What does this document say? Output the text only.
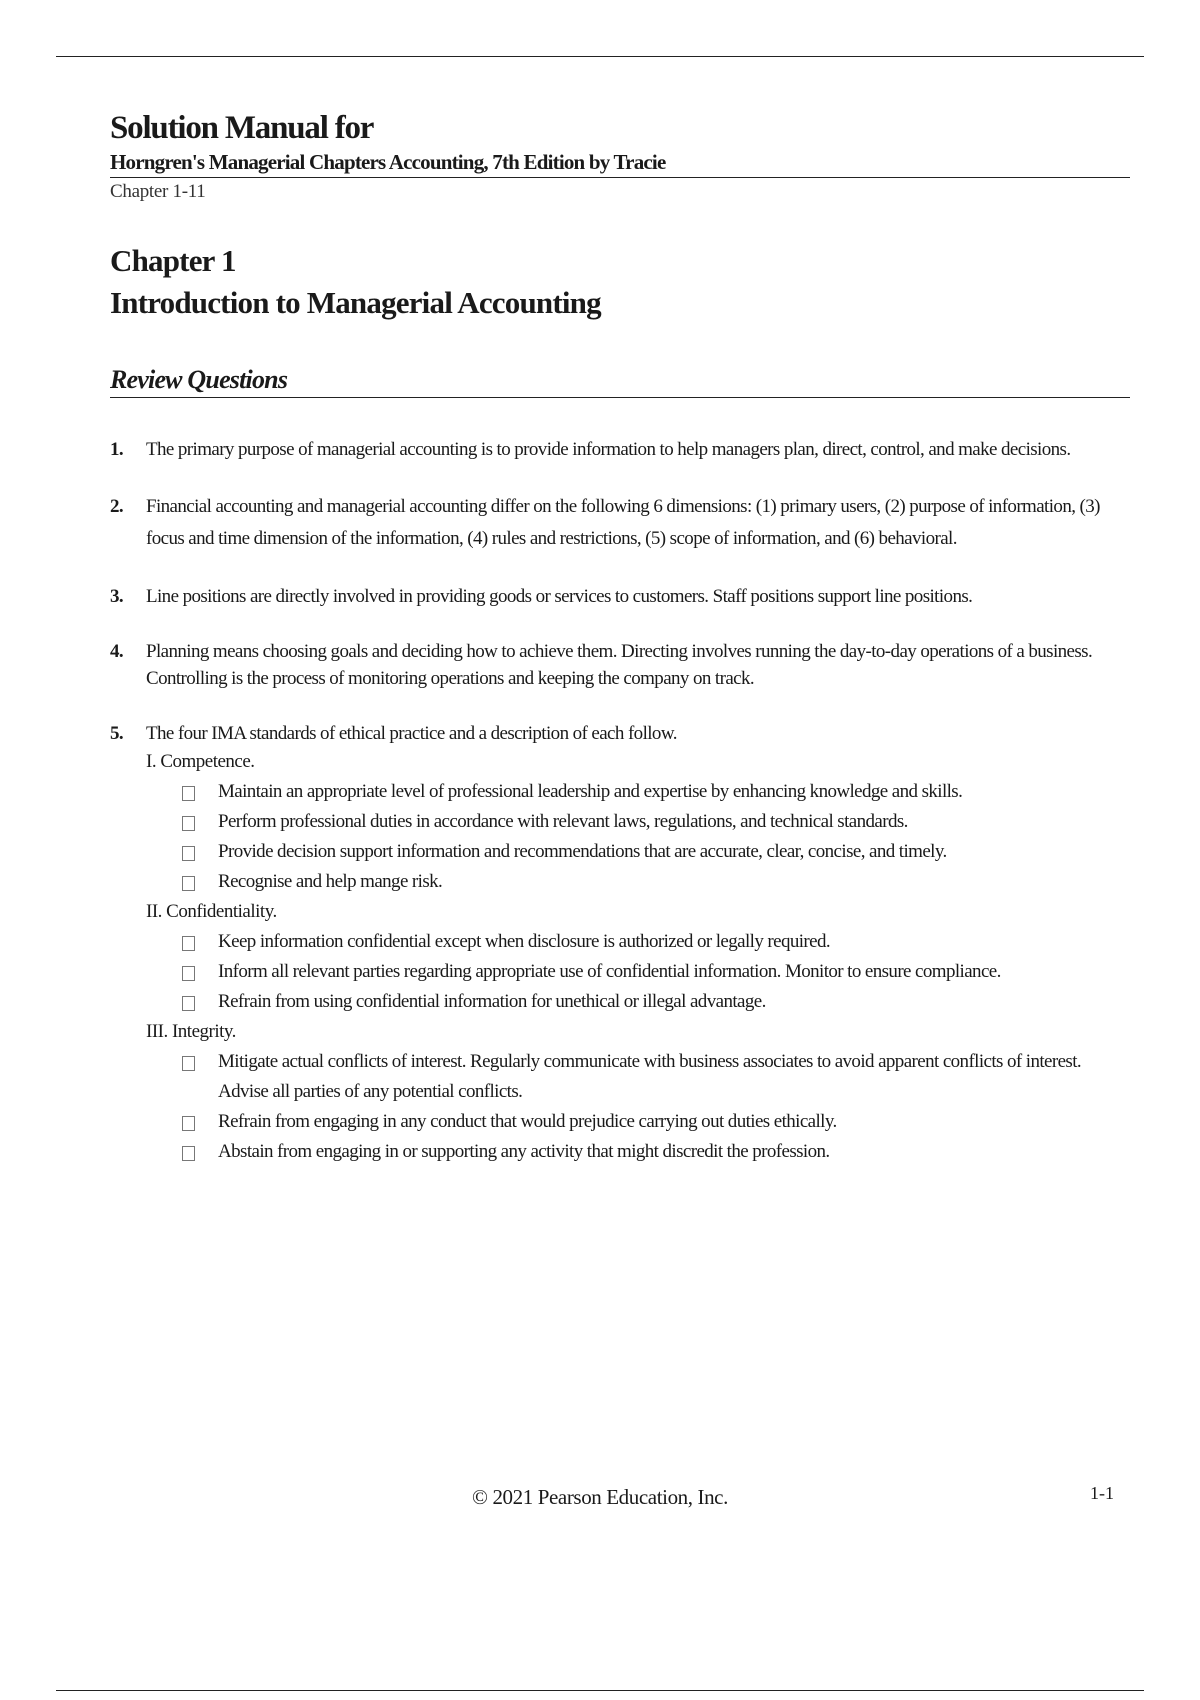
Solution Manual for
Horngren's Managerial Chapters Accounting, 7th Edition by Tracie
Chapter 1-11
Chapter 1
Introduction to Managerial Accounting
Review Questions
1. The primary purpose of managerial accounting is to provide information to help managers plan, direct, control, and make decisions.
2. Financial accounting and managerial accounting differ on the following 6 dimensions: (1) primary users, (2) purpose of information, (3) focus and time dimension of the information, (4) rules and restrictions, (5) scope of information, and (6) behavioral.
3. Line positions are directly involved in providing goods or services to customers. Staff positions support line positions.
4. Planning means choosing goals and deciding how to achieve them. Directing involves running the day-to-day operations of a business. Controlling is the process of monitoring operations and keeping the company on track.
5. The four IMA standards of ethical practice and a description of each follow.
I. Competence.
Maintain an appropriate level of professional leadership and expertise by enhancing knowledge and skills.
Perform professional duties in accordance with relevant laws, regulations, and technical standards.
Provide decision support information and recommendations that are accurate, clear, concise, and timely.
Recognise and help mange risk.
II. Confidentiality.
Keep information confidential except when disclosure is authorized or legally required.
Inform all relevant parties regarding appropriate use of confidential information. Monitor to ensure compliance.
Refrain from using confidential information for unethical or illegal advantage.
III. Integrity.
Mitigate actual conflicts of interest. Regularly communicate with business associates to avoid apparent conflicts of interest. Advise all parties of any potential conflicts.
Refrain from engaging in any conduct that would prejudice carrying out duties ethically.
Abstain from engaging in or supporting any activity that might discredit the profession.
© 2021 Pearson Education, Inc.	1-1
